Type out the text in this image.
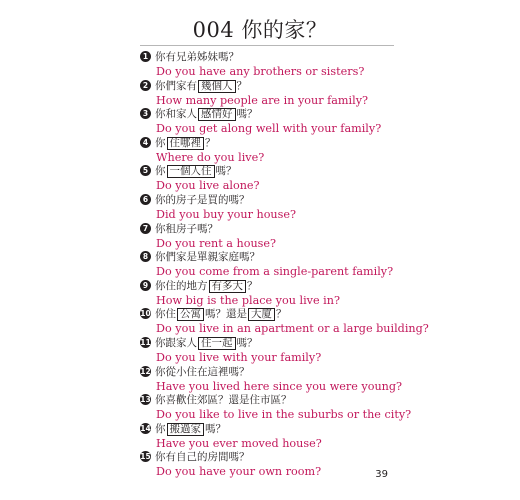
004 你的家？
1 你有兄弟姊妹嗎？
Do you have any brothers or sisters?
2 你們家有 幾個人 ？
How many people are in your family?
3 你和家人 感情好 嗎？
Do you get along well with your family?
4 你 住哪裡 ？
Where do you live?
5 你 一個人住 嗎？
Do you live alone?
6 你的房子是買的嗎？
Did you buy your house?
7 你租房子嗎？
Do you rent a house?
8 你們家是單親家庭嗎？
Do you come from a single-parent family?
9 你住的地方 有多大 ？
How big is the place you live in?
10 你住 公寓 嗎？還是 大廈 ？
Do you live in an apartment or a large building?
11 你跟家人 住一起 嗎？
Do you live with your family?
12 你從小住在這裡嗎？
Have you lived here since you were young?
13 你喜歡住郊區？還是住市區？
Do you like to live in the suburbs or the city?
14 你 搬過家 嗎？
Have you ever moved house?
15 你有自己的房間嗎？
Do you have your own room?	39
